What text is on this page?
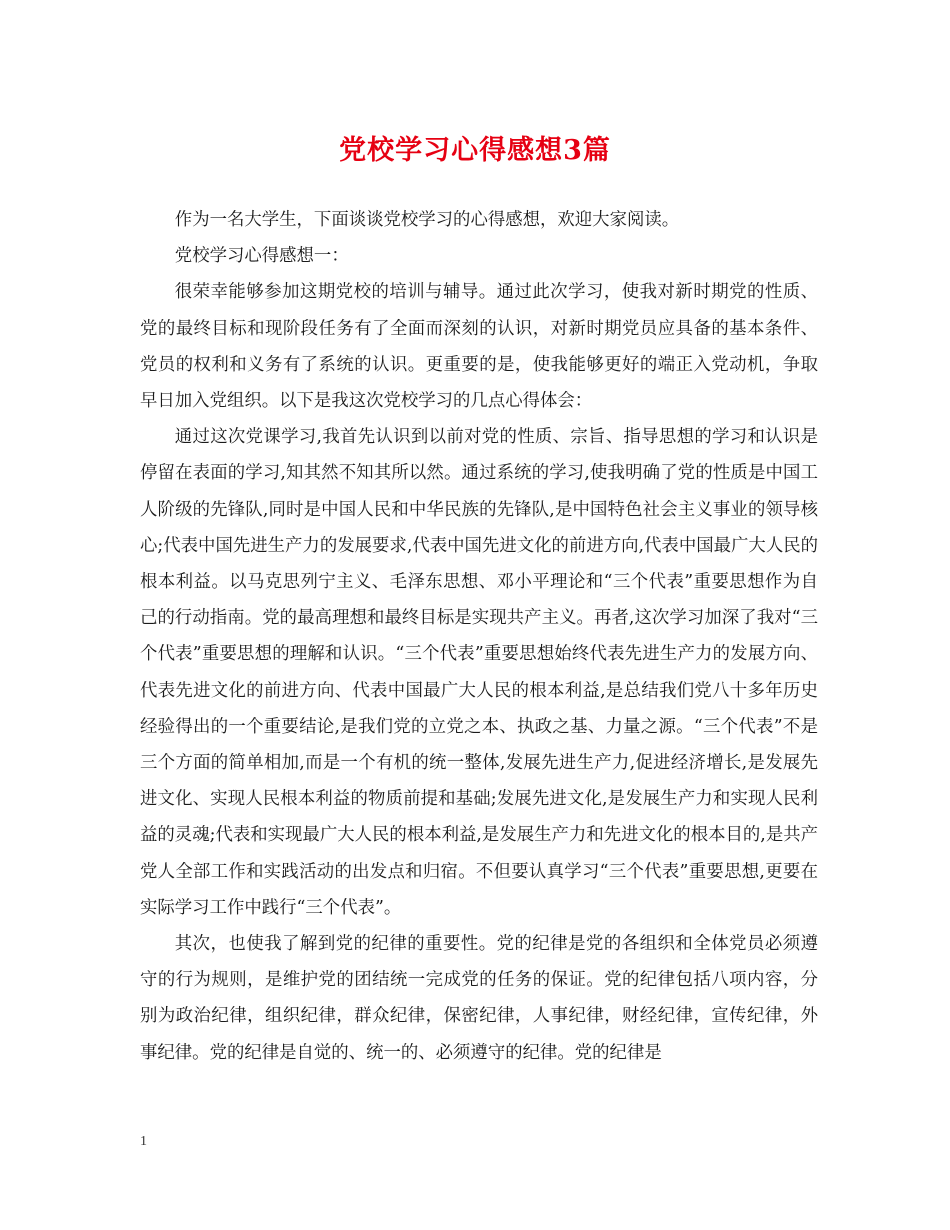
党校学习心得感想3篇

作为一名大学生，下面谈谈党校学习的心得感想，欢迎大家阅读。

党校学习心得感想一：

很荣幸能够参加这期党校的培训与辅导。通过此次学习，使我对新时期党的性质、党的最终目标和现阶段任务有了全面而深刻的认识，对新时期党员应具备的基本条件、党员的权利和义务有了系统的认识。更重要的是，使我能够更好的端正入党动机，争取早日加入党组织。以下是我这次党校学习的几点心得体会：

通过这次党课学习,我首先认识到以前对党的性质、宗旨、指导思想的学习和认识是停留在表面的学习,知其然不知其所以然。通过系统的学习,使我明确了党的性质是中国工人阶级的先锋队,同时是中国人民和中华民族的先锋队,是中国特色社会主义事业的领导核心;代表中国先进生产力的发展要求,代表中国先进文化的前进方向,代表中国最广大人民的根本利益。以马克思列宁主义、毛泽东思想、邓小平理论和“三个代表”重要思想作为自己的行动指南。党的最高理想和最终目标是实现共产主义。再者,这次学习加深了我对“三个代表”重要思想的理解和认识。“三个代表”重要思想始终代表先进生产力的发展方向、代表先进文化的前进方向、代表中国最广大人民的根本利益,是总结我们党八十多年历史经验得出的一个重要结论,是我们党的立党之本、执政之基、力量之源。“三个代表”不是三个方面的简单相加,而是一个有机的统一整体,发展先进生产力,促进经济增长,是发展先进文化、实现人民根本利益的物质前提和基础;发展先进文化,是发展生产力和实现人民利益的灵魂;代表和实现最广大人民的根本利益,是发展生产力和先进文化的根本目的,是共产党人全部工作和实践活动的出发点和归宿。不但要认真学习“三个代表”重要思想,更要在实际学习工作中践行“三个代表”。

其次，也使我了解到党的纪律的重要性。党的纪律是党的各组织和全体党员必须遵守的行为规则，是维护党的团结统一完成党的任务的保证。党的纪律包括八项内容，分别为政治纪律，组织纪律，群众纪律，保密纪律，人事纪律，财经纪律，宣传纪律，外事纪律。党的纪律是自觉的、统一的、必须遵守的纪律。党的纪律是

1
